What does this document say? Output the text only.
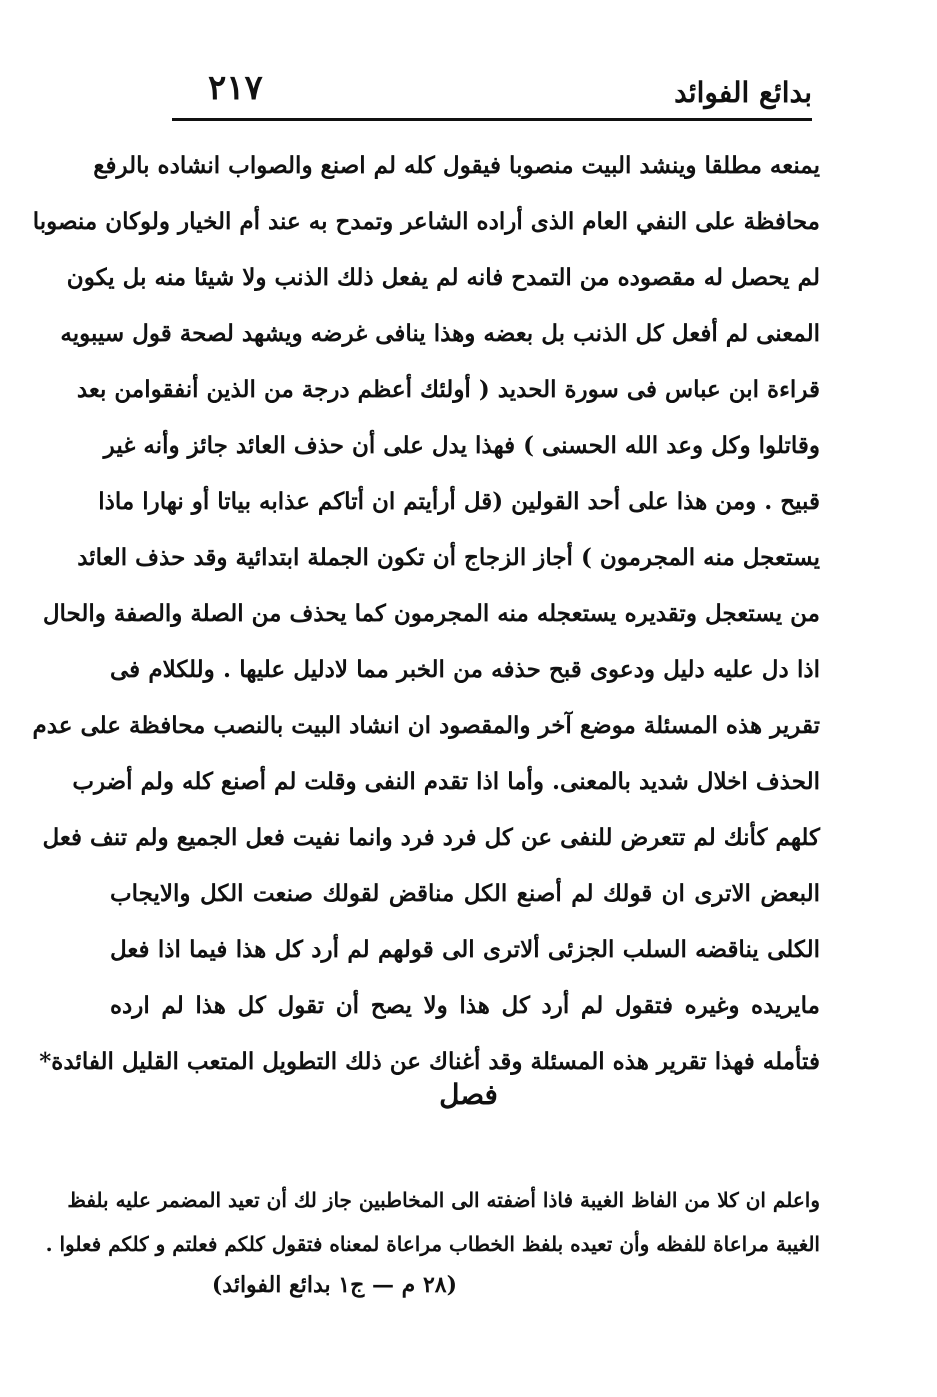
بدائع الفوائد
٢١٧
يمنعه مطلقا وينشد البيت منصوبا فيقول كله لم اصنع والصواب انشاده بالرفع
محافظة على النفي العام الذى أراده الشاعر وتمدح به عند أم الخيار ولوكان منصوبا
لم يحصل له مقصوده من التمدح فانه لم يفعل ذلك الذنب ولا شيئا منه بل يكون
المعنى لم أفعل كل الذنب بل بعضه وهذا ينافى غرضه ويشهد لصحة قول سيبويه
قراءة ابن عباس فى سورة الحديد ( أولئك أعظم درجة من الذين أنفقوامن بعد
وقاتلوا وكل وعد الله الحسنى ) فهذا يدل على أن حذف العائد جائز وأنه غير
قبيح . ومن هذا على أحد القولين (قل أرأيتم ان أتاكم عذابه بياتا أو نهارا ماذا
يستعجل منه المجرمون ) أجاز الزجاج أن تكون الجملة ابتدائية وقد حذف العائد
من يستعجل وتقديره يستعجله منه المجرمون كما يحذف من الصلة والصفة والحال
اذا دل عليه دليل ودعوى قبح حذفه من الخبر مما لادليل عليها . وللكلام فى
تقرير هذه المسئلة موضع آخر والمقصود ان انشاد البيت بالنصب محافظة على عدم
الحذف اخلال شديد بالمعنى. وأما اذا تقدم النفى وقلت لم أصنع كله ولم أضرب
كلهم كأنك لم تتعرض للنفى عن كل فرد فرد وانما نفيت فعل الجميع ولم تنف فعل
البعض الاترى ان قولك لم أصنع الكل مناقض لقولك صنعت الكل والايجاب
الكلى يناقضه السلب الجزئى ألاترى الى قولهم لم أرد كل هذا فيما اذا فعل
مايريده وغيره فتقول لم أرد كل هذا ولا يصح أن تقول كل هذا لم ارده
فتأمله فهذا تقرير هذه المسئلة وقد أغناك عن ذلك التطويل المتعب القليل الفائدة*
فصل
واعلم ان كلا من الفاظ الغيبة فاذا أضفته الى المخاطبين جاز لك أن تعيد المضمر عليه بلفظ
الغيبة مراعاة للفظه وأن تعيده بلفظ الخطاب مراعاة لمعناه فتقول كلكم فعلتم و كلكم فعلوا .
(٢٨ م — ج١ بدائع الفوائد)
